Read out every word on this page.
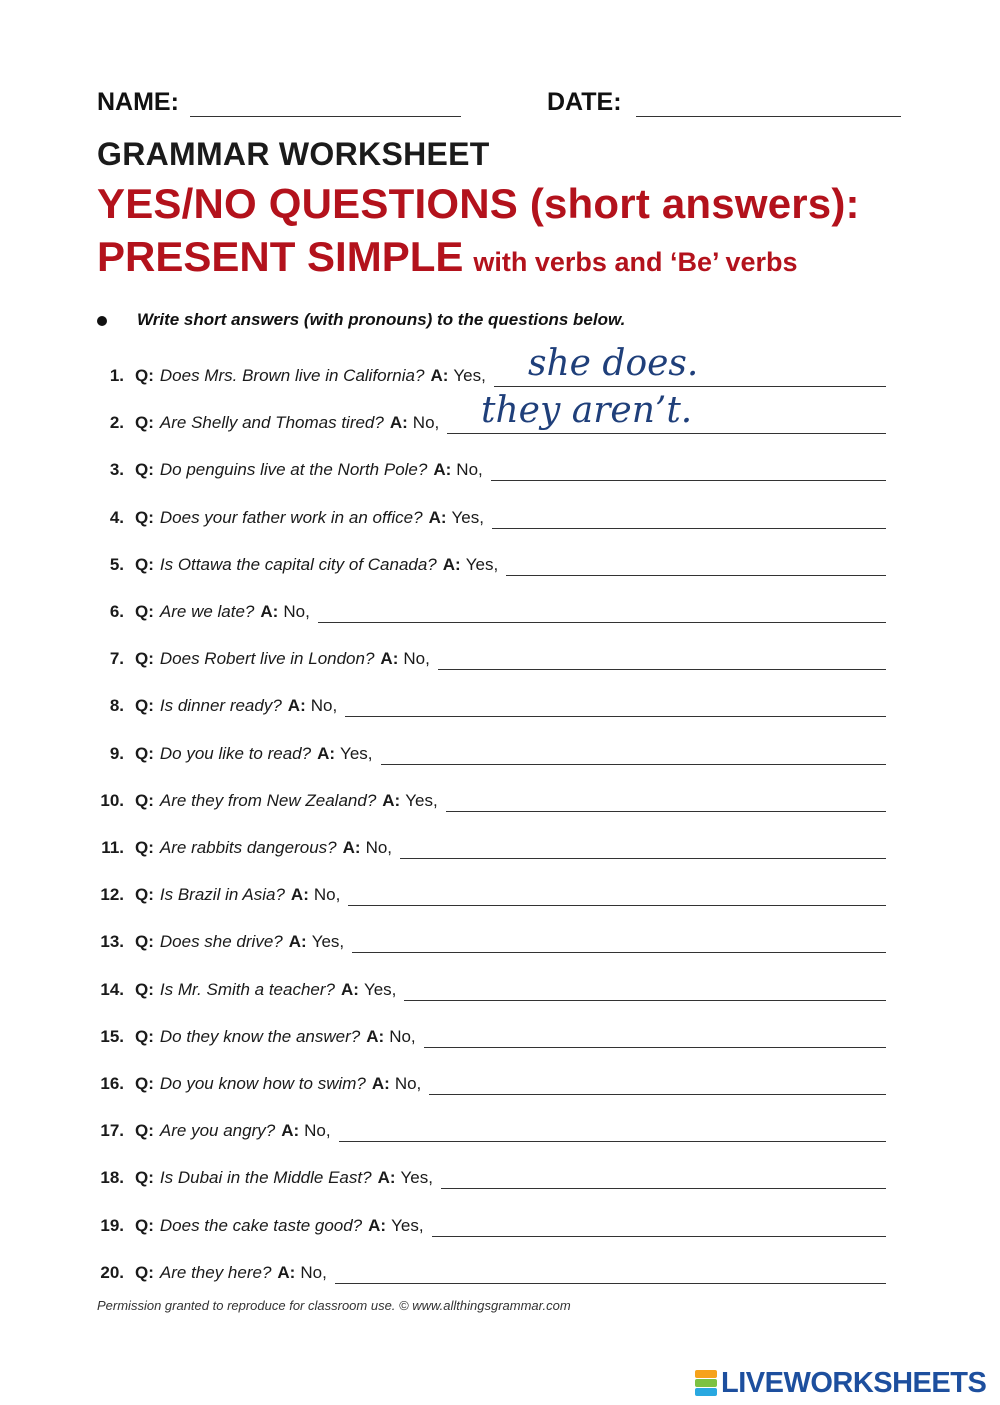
NAME:	DATE:
GRAMMAR WORKSHEET
YES/NO QUESTIONS (short answers):
PRESENT SIMPLE with verbs and ‘Be’ verbs
Write short answers (with pronouns) to the questions below.
1. Q: Does Mrs. Brown live in California? A: Yes, she does.
2. Q: Are Shelly and Thomas tired? A: No, they aren’t.
3. Q: Do penguins live at the North Pole? A: No,
4. Q: Does your father work in an office? A: Yes,
5. Q: Is Ottawa the capital city of Canada? A: Yes,
6. Q: Are we late? A: No,
7. Q: Does Robert live in London? A: No,
8. Q: Is dinner ready? A: No,
9. Q: Do you like to read? A: Yes,
10. Q: Are they from New Zealand? A: Yes,
11. Q: Are rabbits dangerous? A: No,
12. Q: Is Brazil in Asia? A: No,
13. Q: Does she drive? A: Yes,
14. Q: Is Mr. Smith a teacher? A: Yes,
15. Q: Do they know the answer? A: No,
16. Q: Do you know how to swim? A: No,
17. Q: Are you angry? A: No,
18. Q: Is Dubai in the Middle East? A: Yes,
19. Q: Does the cake taste good? A: Yes,
20. Q: Are they here? A: No,
Permission granted to reproduce for classroom use. © www.allthingsgrammar.com
LIVEWORKSHEETS
